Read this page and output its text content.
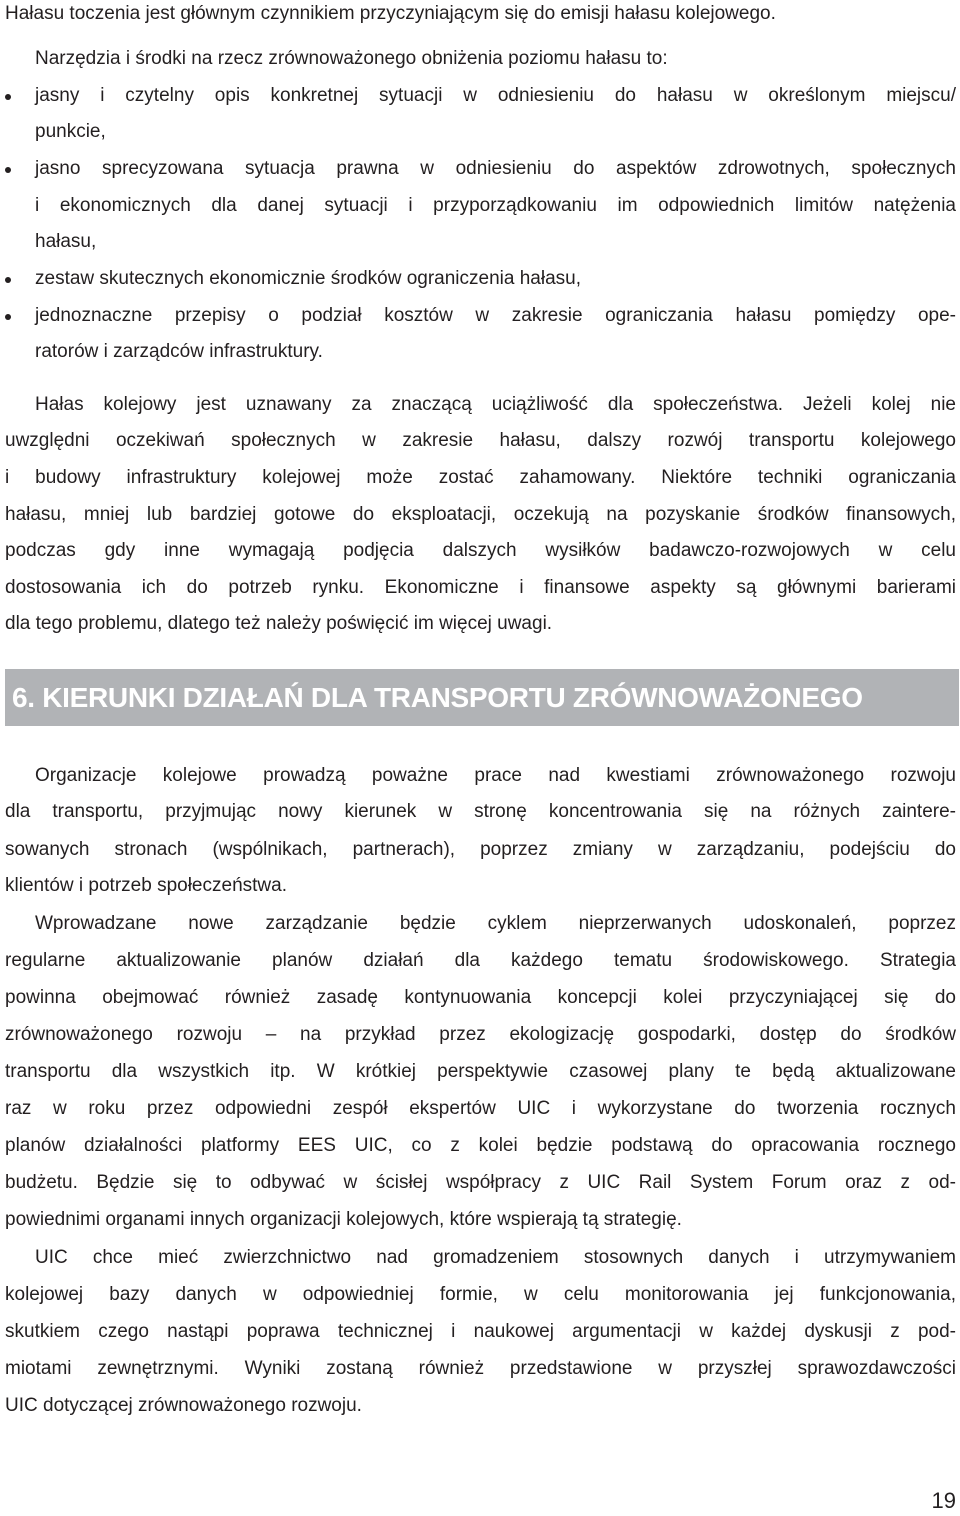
Hałasu toczenia jest głównym czynnikiem przyczyniającym się do emisji hałasu kolejowego.
Narzędzia i środki na rzecz zrównoważonego obniżenia poziomu hałasu to:
jasny i czytelny opis konkretnej sytuacji w odniesieniu do hałasu w określonym miejscu/
punkcie,
jasno sprecyzowana sytuacja prawna w odniesieniu do aspektów zdrowotnych, społecznych
i ekonomicznych dla danej sytuacji i przyporządkowaniu im odpowiednich limitów natężenia
hałasu,
zestaw skutecznych ekonomicznie środków ograniczenia hałasu,
jednoznaczne przepisy o podział kosztów w zakresie ograniczania hałasu pomiędzy ope-
ratorów i zarządców infrastruktury.
Hałas kolejowy jest uznawany za znaczącą uciążliwość dla społeczeństwa. Jeżeli kolej nie
uwzględni oczekiwań społecznych w zakresie hałasu, dalszy rozwój transportu kolejowego
i budowy infrastruktury kolejowej może zostać zahamowany. Niektóre techniki ograniczania
hałasu, mniej lub bardziej gotowe do eksploatacji, oczekują na pozyskanie środków finansowych,
podczas gdy inne wymagają podjęcia dalszych wysiłków badawczo-rozwojowych w celu
dostosowania ich do potrzeb rynku. Ekonomiczne i finansowe aspekty są głównymi barierami
dla tego problemu, dlatego też należy poświęcić im więcej uwagi.
6. KIERUNKI DZIAŁAŃ DLA TRANSPORTU ZRÓWNOWAŻONEGO
Organizacje kolejowe prowadzą poważne prace nad kwestiami zrównoważonego rozwoju
dla transportu, przyjmując nowy kierunek w stronę koncentrowania się na różnych zaintere-
sowanych stronach (wspólnikach, partnerach), poprzez zmiany w zarządzaniu, podejściu do
klientów i potrzeb społeczeństwa.
Wprowadzane nowe zarządzanie będzie cyklem nieprzerwanych udoskonaleń, poprzez
regularne aktualizowanie planów działań dla każdego tematu środowiskowego. Strategia
powinna obejmować również zasadę kontynuowania koncepcji kolei przyczyniającej się do
zrównoważonego rozwoju – na przykład przez ekologizację gospodarki, dostęp do środków
transportu dla wszystkich itp. W krótkiej perspektywie czasowej plany te będą aktualizowane
raz w roku przez odpowiedni zespół ekspertów UIC i wykorzystane do tworzenia rocznych
planów działalności platformy EES UIC, co z kolei będzie podstawą do opracowania rocznego
budżetu. Będzie się to odbywać w ścisłej współpracy z UIC Rail System Forum oraz z od-
powiednimi organami innych organizacji kolejowych, które wspierają tą strategię.
UIC chce mieć zwierzchnictwo nad gromadzeniem stosownych danych i utrzymywaniem
kolejowej bazy danych w odpowiedniej formie, w celu monitorowania jej funkcjonowania,
skutkiem czego nastąpi poprawa technicznej i naukowej argumentacji w każdej dyskusji z pod-
miotami zewnętrznymi. Wyniki zostaną również przedstawione w przyszłej sprawozdawczości
UIC dotyczącej zrównoważonego rozwoju.
19
